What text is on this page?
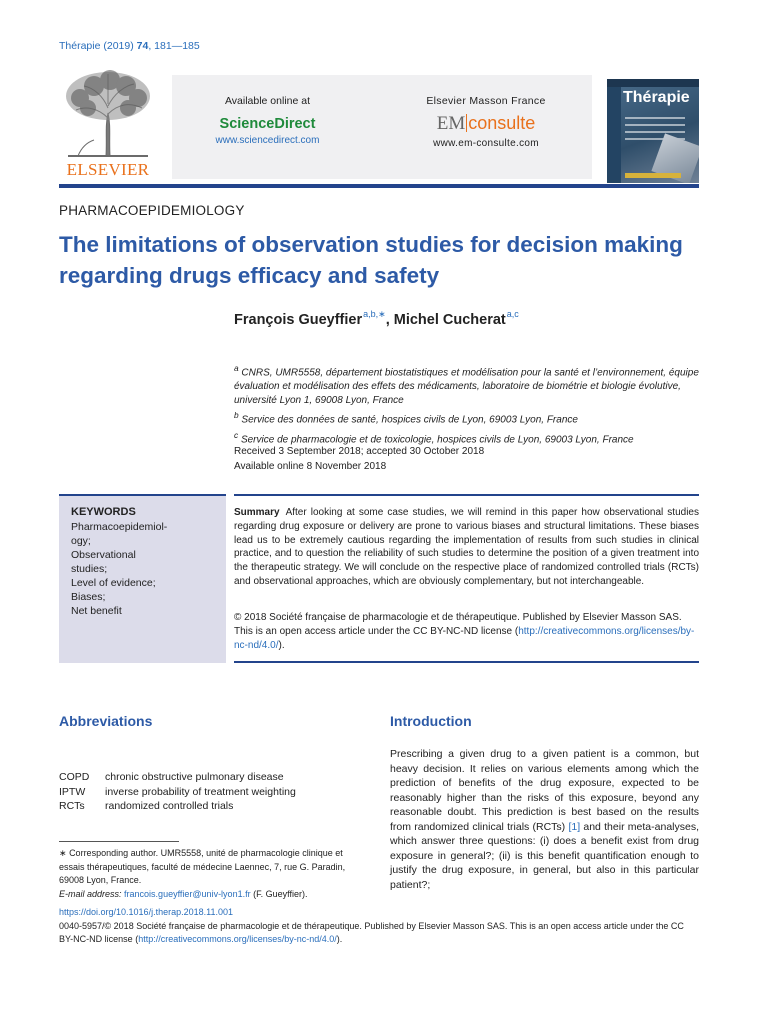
Thérapie (2019) 74, 181—185
ELSEVIER
Available online at
ScienceDirect
www.sciencedirect.com
Elsevier Masson France
EM consulte
www.em-consulte.com
Thérapie
PHARMACOEPIDEMIOLOGY
The limitations of observation studies for decision making regarding drugs efficacy and safety
François Gueyffier$^{a,b,∗}$, Michel Cucherat$^{a,c}$

$^a$ CNRS, UMR5558, département biostatistiques et modélisation pour la santé et l’environnement, équipe évaluation et modélisation des effets des médicaments, laboratoire de biométrie et biologie évolutive, université Lyon 1, 69008 Lyon, France

$^b$ Service des données de santé, hospices civils de Lyon, 69003 Lyon, France

$^c$ Service de pharmacologie et de toxicologie, hospices civils de Lyon, 69003 Lyon, France

Received 3 September 2018; accepted 30 October 2018
Available online 8 November 2018
KEYWORDS
Pharmacoepidemiol-
ogy;
Observational
studies;
Level of evidence;
Biases;
Net benefit
Summary After looking at some case studies, we will remind in this paper how observational studies regarding drug exposure or delivery are prone to various biases and structural limitations. These biases lead us to be extremely cautious regarding the implementation of results from such studies in clinical practice, and to question the reliability of such studies to determine the position of a given treatment into the therapeutic strategy. We will conclude on the respective place of randomized controlled trials (RCTs) and observational approaches, which are obviously complementary, but not interchangeable.
© 2018 Société française de pharmacologie et de thérapeutique. Published by Elsevier Masson SAS. This is an open access article under the CC BY-NC-ND license (http://creativecommons.org/licenses/by-nc-nd/4.0/).
Abbreviations
COPD	chronic obstructive pulmonary disease
IPTW	inverse probability of treatment weighting
RCTs	randomized controlled trials
∗ Corresponding author. UMR5558, unité de pharmacologie clinique et essais thérapeutiques, faculté de médecine Laennec, 7, rue G. Paradin, 69008 Lyon, France.
E-mail address: francois.gueyffier@univ-lyon1.fr (F. Gueyffier).
Introduction
Prescribing a given drug to a given patient is a common, but heavy decision. It relies on various elements among which the prediction of benefits of the drug exposure, expected to be reasonably higher than the risks of this exposure, beyond any reasonable doubt. This prediction is best based on the results from randomized clinical trials (RCTs) [1] and their meta-analyses, which answer three questions: (i) does a benefit exist from drug exposure in general?; (ii) is this benefit quantification enough to justify the drug exposure, in general, but also in this particular patient?;
https://doi.org/10.1016/j.therap.2018.11.001
0040-5957/© 2018 Société française de pharmacologie et de thérapeutique. Published by Elsevier Masson SAS. This is an open access article under the CC BY-NC-ND license (http://creativecommons.org/licenses/by-nc-nd/4.0/).
